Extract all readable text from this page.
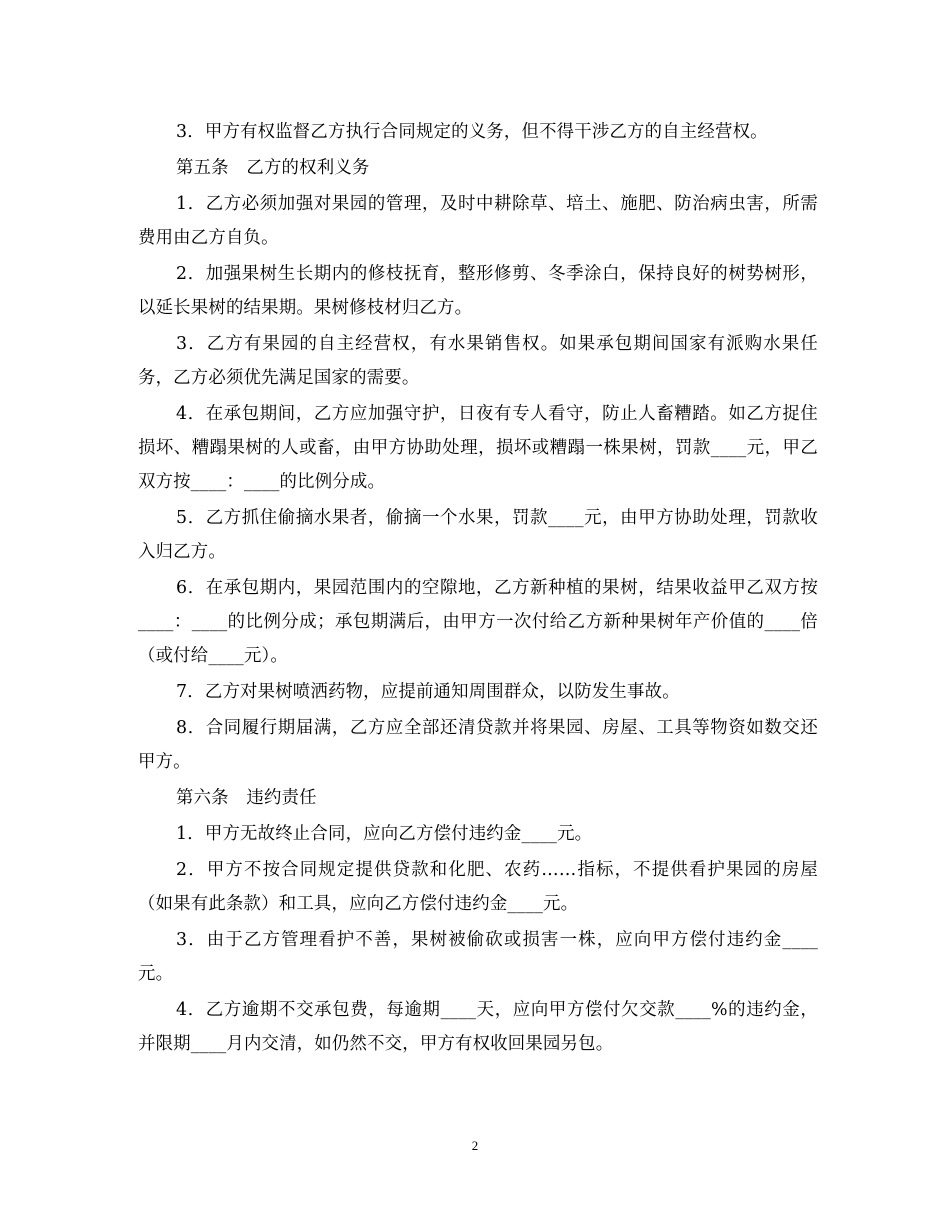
3．甲方有权监督乙方执行合同规定的义务，但不得干涉乙方的自主经营权。

第五条　乙方的权利义务

1．乙方必须加强对果园的管理，及时中耕除草、培土、施肥、防治病虫害，所需费用由乙方自负。

2．加强果树生长期内的修枝抚育，整形修剪、冬季涂白，保持良好的树势树形，以延长果树的结果期。果树修枝材归乙方。

3．乙方有果园的自主经营权，有水果销售权。如果承包期间国家有派购水果任务，乙方必须优先满足国家的需要。

4．在承包期间，乙方应加强守护，日夜有专人看守，防止人畜糟踏。如乙方捉住损坏、糟蹋果树的人或畜，由甲方协助处理，损坏或糟蹋一株果树，罚款____元，甲乙双方按____：____的比例分成。

5．乙方抓住偷摘水果者，偷摘一个水果，罚款____元，由甲方协助处理，罚款收入归乙方。

6．在承包期内，果园范围内的空隙地，乙方新种植的果树，结果收益甲乙双方按____：____的比例分成；承包期满后，由甲方一次付给乙方新种果树年产价值的____倍（或付给____元）。

7．乙方对果树喷洒药物，应提前通知周围群众，以防发生事故。

8．合同履行期届满，乙方应全部还清贷款并将果园、房屋、工具等物资如数交还甲方。

第六条　违约责任

1．甲方无故终止合同，应向乙方偿付违约金____元。

2．甲方不按合同规定提供贷款和化肥、农药……指标，不提供看护果园的房屋（如果有此条款）和工具，应向乙方偿付违约金____元。

3．由于乙方管理看护不善，果树被偷砍或损害一株，应向甲方偿付违约金____元。

4．乙方逾期不交承包费，每逾期____天，应向甲方偿付欠交款____%的违约金，并限期____月内交清，如仍然不交，甲方有权收回果园另包。

2
